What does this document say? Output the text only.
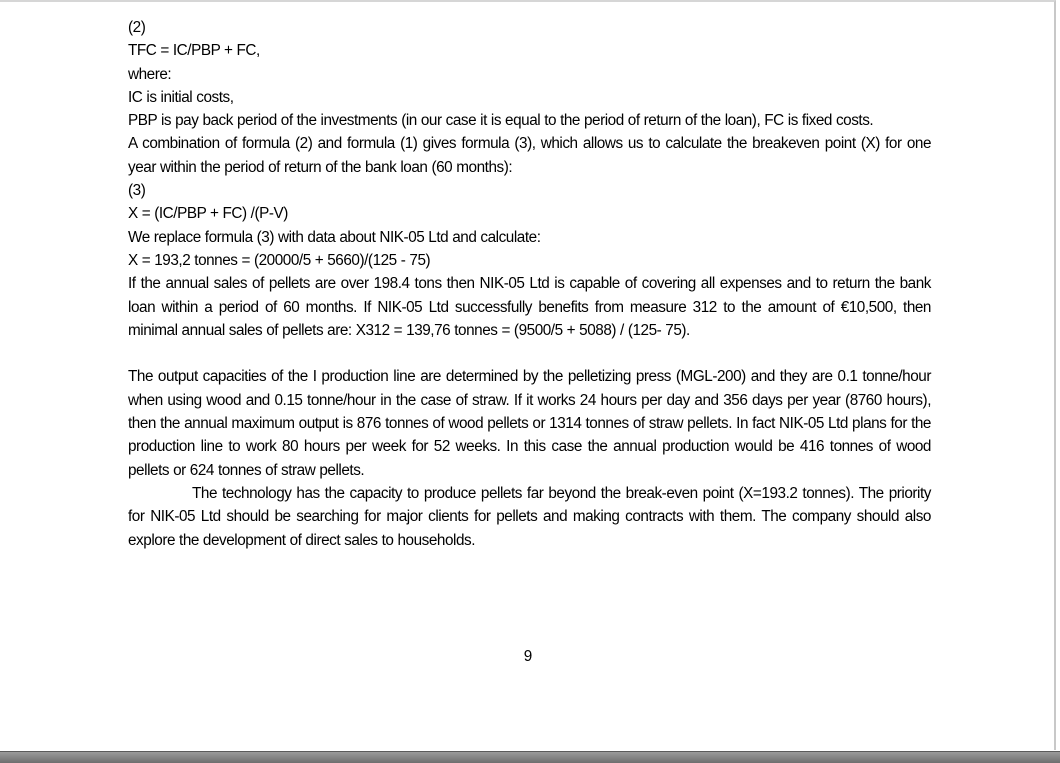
(2)
TFC = IC/PBP + FC,
where:
IC is initial costs,
PBP is pay back period of the investments (in our case it is equal to the period of return of the loan), FC is fixed costs.
A combination of formula (2) and formula (1) gives formula (3), which allows us to calculate the breakeven point (X) for one year within the period of return of the bank loan (60 months):
(3)
X = (IC/PBP + FC) /(P-V)
We replace formula (3) with data about NIK-05 Ltd and calculate:
X = 193,2 tonnes = (20000/5 + 5660)/(125 - 75)
If the annual sales of pellets are over 198.4 tons then NIK-05 Ltd is capable of covering all expenses and to return the bank loan within a period of 60 months. If NIK-05 Ltd successfully benefits from measure 312 to the amount of €10,500, then minimal annual sales of pellets are: X312 = 139,76 tonnes = (9500/5 + 5088) / (125- 75).
The output capacities of the I production line are determined by the pelletizing press (MGL-200) and they are 0.1 tonne/hour when using wood and 0.15 tonne/hour in the case of straw. If it works 24 hours per day and 356 days per year (8760 hours), then the annual maximum output is 876 tonnes of wood pellets or 1314 tonnes of straw pellets. In fact NIK-05 Ltd plans for the production line to work 80 hours per week for 52 weeks. In this case the annual production would be 416 tonnes of wood pellets or 624 tonnes of straw pellets.
The technology has the capacity to produce pellets far beyond the break-even point (X=193.2 tonnes). The priority for NIK-05 Ltd should be searching for major clients for pellets and making contracts with them. The company should also explore the development of direct sales to households.
9
